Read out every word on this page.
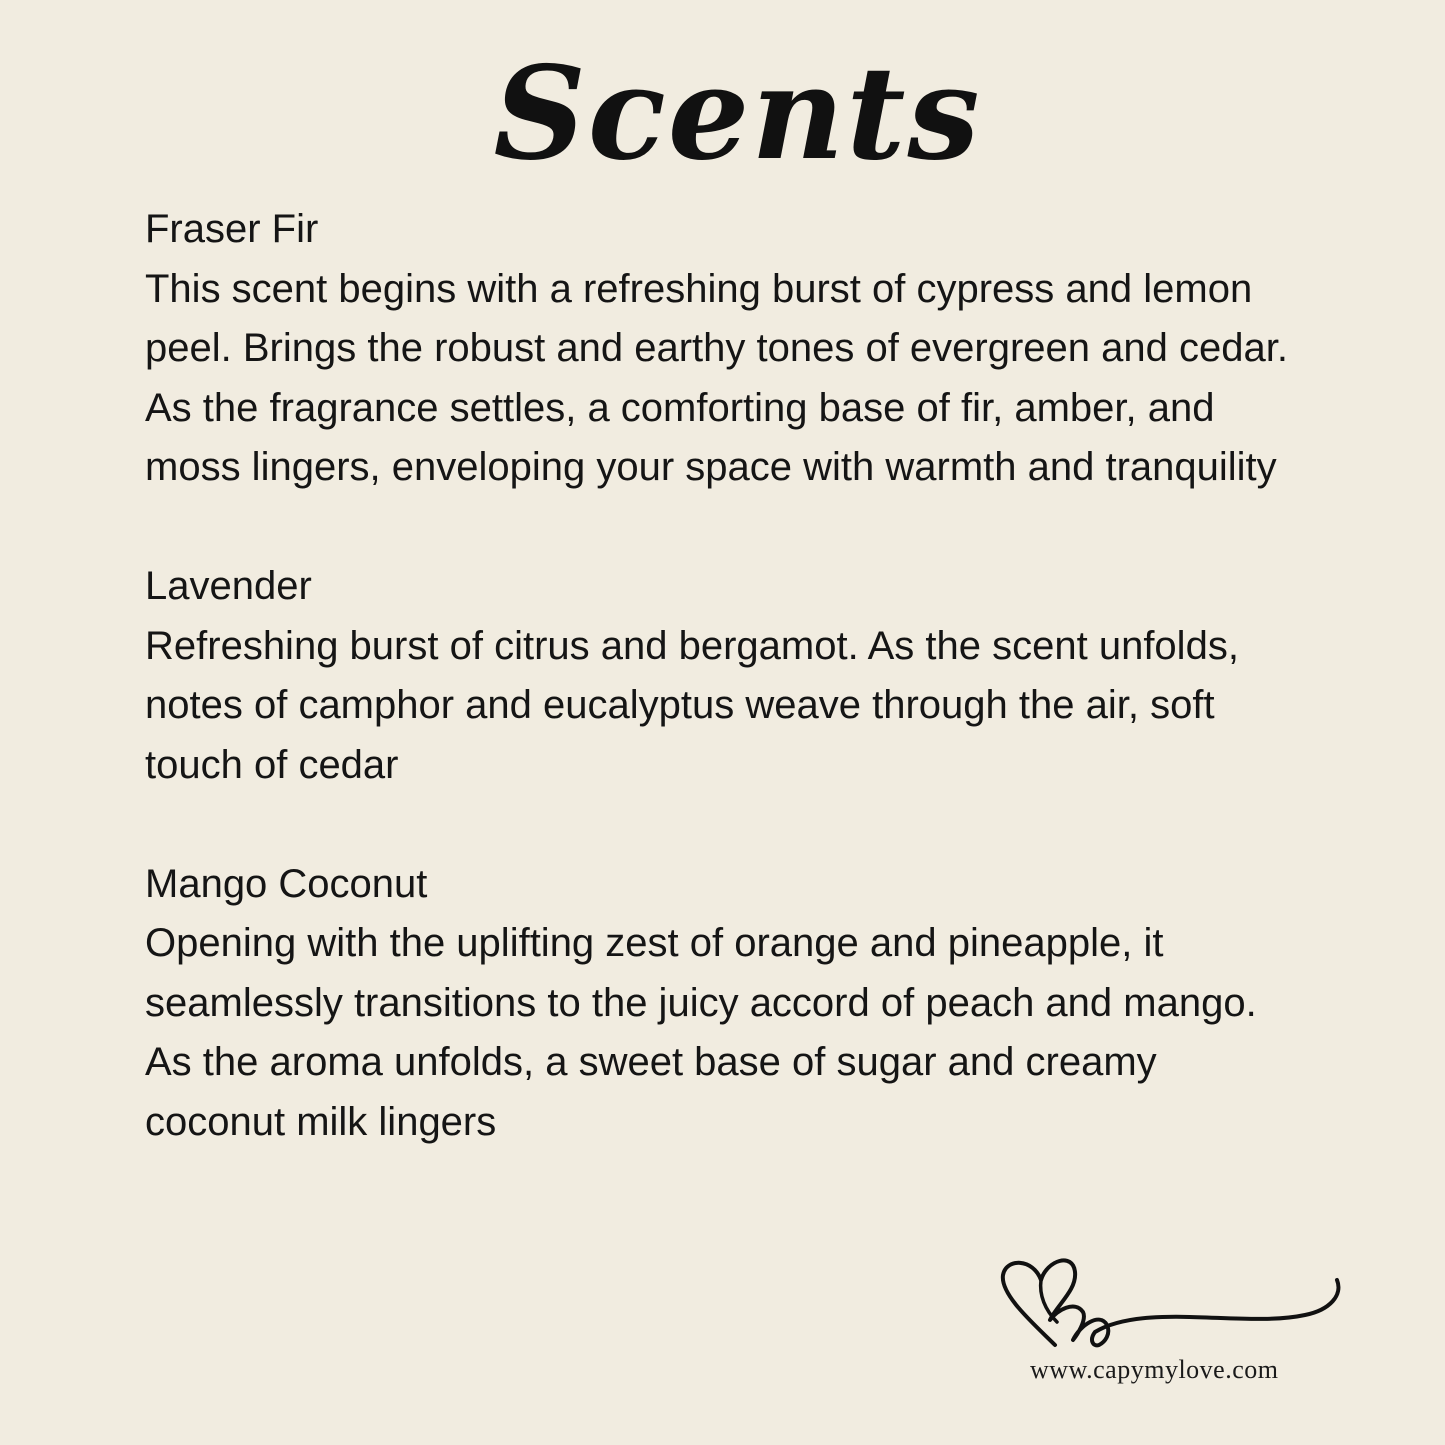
Scents
Fraser Fir
This scent begins with a refreshing burst of cypress and lemon peel. Brings the robust and earthy tones of evergreen and cedar. As the fragrance settles, a comforting base of fir, amber, and moss lingers, enveloping your space with warmth and tranquility
Lavender
Refreshing burst of citrus and bergamot. As the scent unfolds, notes of camphor and eucalyptus weave through the air, soft touch of cedar
Mango Coconut
Opening with the uplifting zest of orange and pineapple, it seamlessly transitions to the juicy accord of peach and mango. As the aroma unfolds, a sweet base of sugar and creamy coconut milk lingers
www.capymylove.com
